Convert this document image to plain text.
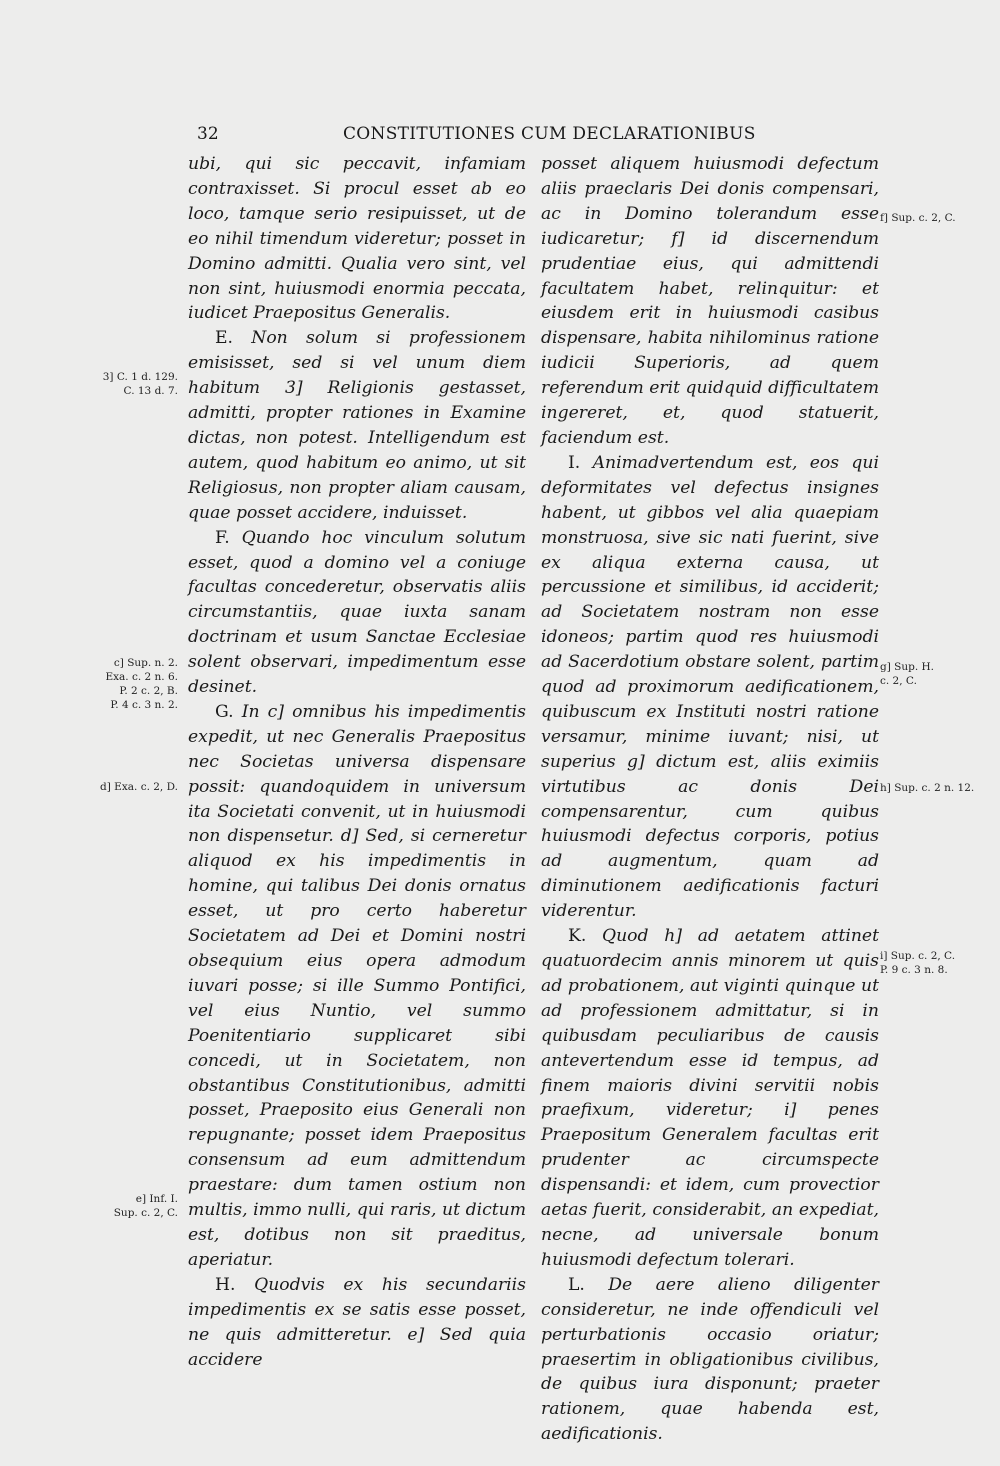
32	CONSTITUTIONES CUM DECLARATIONIBUS

ubi, qui sic peccavit, infamiam contraxisset. Si procul esset ab eo loco, tamque serio resipuisset, ut de eo nihil timendum videretur; posset in Domino admitti. Qualia vero sint, vel non sint, huiusmodi enormia peccata, iudicet Praepositus Generalis.

E. Non solum si professionem emisisset, sed si vel unum diem habitum 3] Religionis gestasset, admitti, propter rationes in Examine dictas, non potest. Intelligendum est autem, quod habitum eo animo, ut sit Religiosus, non propter aliam causam, quae posset accidere, induisset.

F. Quando hoc vinculum solutum esset, quod a domino vel a coniuge facultas concederetur, observatis aliis circumstantiis, quae iuxta sanam doctrinam et usum Sanctae Ecclesiae solent observari, impedimentum esse desinet.

G. In c] omnibus his impedimentis expedit, ut nec Generalis Praepositus nec Societas universa dispensare possit: quandoquidem in universum ita Societati convenit, ut in huiusmodi non dispensetur. d] Sed, si cerneretur aliquod ex his impedimentis in homine, qui talibus Dei donis ornatus esset, ut pro certo haberetur Societatem ad Dei et Domini nostri obsequium eius opera admodum iuvari posse; si ille Summo Pontifici, vel eius Nuntio, vel summo Poenitentiario supplicaret sibi concedi, ut in Societatem, non obstantibus Constitutionibus, admitti posset, Praeposito eius Generali non repugnante; posset idem Praepositus consensum ad eum admittendum praestare: dum tamen ostium non multis, immo nulli, qui raris, ut dictum est, dotibus non sit praeditus, aperiatur.

H. Quodvis ex his secundariis impedimentis ex se satis esse posset, ne quis admitteretur. e] Sed quia accidere

posset aliquem huiusmodi defectum aliis praeclaris Dei donis compensari, ac in Domino tolerandum esse iudicaretur; f] id discernendum prudentiae eius, qui admittendi facultatem habet, relinquitur: et eiusdem erit in huiusmodi casibus dispensare, habita nihilominus ratione iudicii Superioris, ad quem referendum erit quidquid difficultatem ingereret, et, quod statuerit, faciendum est.

I. Animadvertendum est, eos qui deformitates vel defectus insignes habent, ut gibbos vel alia quaepiam monstruosa, sive sic nati fuerint, sive ex aliqua externa causa, ut percussione et similibus, id acciderit; ad Societatem nostram non esse idoneos; partim quod res huiusmodi ad Sacerdotium obstare solent, partim quod ad proximorum aedificationem, quibuscum ex Instituti nostri ratione versamur, minime iuvant; nisi, ut superius g] dictum est, aliis eximiis virtutibus ac donis Dei compensarentur, cum quibus huiusmodi defectus corporis, potius ad augmentum, quam ad diminutionem aedificationis facturi viderentur.

K. Quod h] ad aetatem attinet quatuordecim annis minorem ut quis ad probationem, aut viginti quinque ut ad professionem admittatur, si in quibusdam peculiaribus de causis antevertendum esse id tempus, ad finem maioris divini servitii nobis praefixum, videretur; i] penes Praepositum Generalem facultas erit prudenter ac circumspecte dispensandi: et idem, cum provectior aetas fuerit, considerabit, an expediat, necne, ad universale bonum huiusmodi defectum tolerari.

L. De aere alieno diligenter consideretur, ne inde offendiculi vel perturbationis occasio oriatur; praesertim in obligationibus civilibus, de quibus iura disponunt; praeter rationem, quae habenda est, aedificationis.

3] C. 1 d. 129.
C. 13 d. 7.
c] Sup. n. 2.
Exa. c. 2 n. 6.
P. 2 c. 2, B.
P. 4 c. 3 n. 2.
d] Exa. c. 2, D.
e] Inf. I.
Sup. c. 2, C.
f] Sup. c. 2, C.
g] Sup. H.
c. 2, C.
h] Sup. c. 2 n. 12.
i] Sup. c. 2, C.
P. 9 c. 3 n. 8.
